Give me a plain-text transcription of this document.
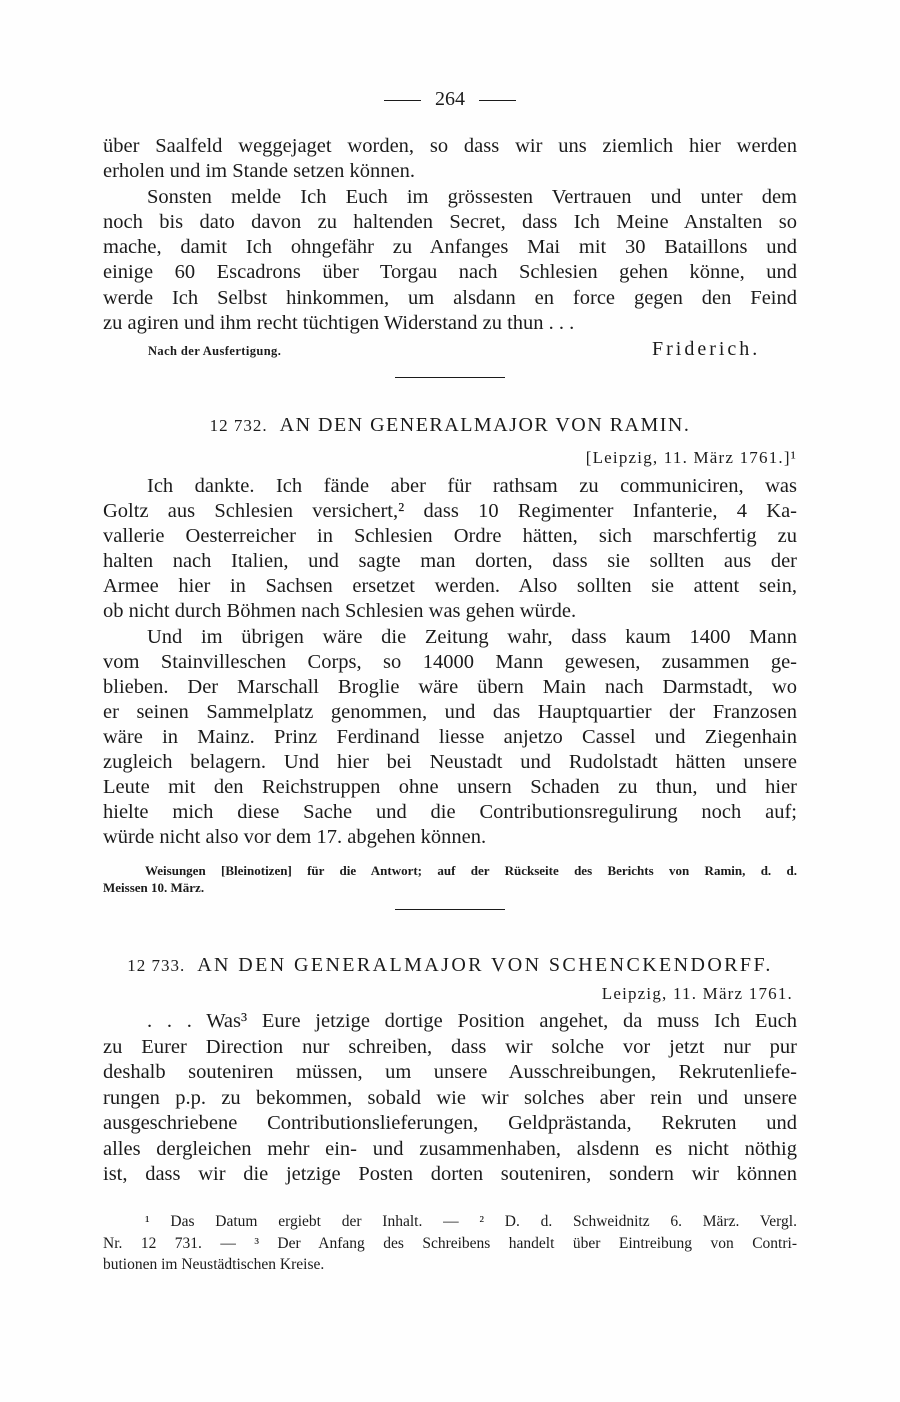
264
über Saalfeld weggejaget worden, so dass wir uns ziemlich hier werden
erholen und im Stande setzen können.
Sonsten melde Ich Euch im grössesten Vertrauen und unter dem
noch bis dato davon zu haltenden Secret, dass Ich Meine Anstalten so
mache, damit Ich ohngefähr zu Anfanges Mai mit 30 Bataillons und
einige 60 Escadrons über Torgau nach Schlesien gehen könne, und
werde Ich Selbst hinkommen, um alsdann en force gegen den Feind
zu agiren und ihm recht tüchtigen Widerstand zu thun . . .
Nach der Ausfertigung.	Friderich.
12 732. AN DEN GENERALMAJOR VON RAMIN.
[Leipzig, 11. März 1761.]¹
Ich dankte. Ich fände aber für rathsam zu communiciren, was
Goltz aus Schlesien versichert,² dass 10 Regimenter Infanterie, 4 Ka-
vallerie Oesterreicher in Schlesien Ordre hätten, sich marschfertig zu
halten nach Italien, und sagte man dorten, dass sie sollten aus der
Armee hier in Sachsen ersetzet werden. Also sollten sie attent sein,
ob nicht durch Böhmen nach Schlesien was gehen würde.
Und im übrigen wäre die Zeitung wahr, dass kaum 1400 Mann
vom Stainvilleschen Corps, so 14000 Mann gewesen, zusammen ge-
blieben. Der Marschall Broglie wäre übern Main nach Darmstadt, wo
er seinen Sammelplatz genommen, und das Hauptquartier der Franzosen
wäre in Mainz. Prinz Ferdinand liesse anjetzo Cassel und Ziegenhain
zugleich belagern. Und hier bei Neustadt und Rudolstadt hätten unsere
Leute mit den Reichstruppen ohne unsern Schaden zu thun, und hier
hielte mich diese Sache und die Contributionsregulirung noch auf;
würde nicht also vor dem 17. abgehen können.
Weisungen [Bleinotizen] für die Antwort; auf der Rückseite des Berichts von Ramin, d. d.
Meissen 10. März.
12 733. AN DEN GENERALMAJOR VON SCHENCKENDORFF.
Leipzig, 11. März 1761.
. . . Was³ Eure jetzige dortige Position angehet, da muss Ich Euch
zu Eurer Direction nur schreiben, dass wir solche vor jetzt nur pur
deshalb souteniren müssen, um unsere Ausschreibungen, Rekrutenliefe-
rungen p.p. zu bekommen, sobald wie wir solches aber rein und unsere
ausgeschriebene Contributionslieferungen, Geldprästanda, Rekruten und
alles dergleichen mehr ein- und zusammenhaben, alsdenn es nicht nöthig
ist, dass wir die jetzige Posten dorten souteniren, sondern wir können
¹ Das Datum ergiebt der Inhalt. — ² D. d. Schweidnitz 6. März. Vergl.
Nr. 12 731. — ³ Der Anfang des Schreibens handelt über Eintreibung von Contri-
butionen im Neustädtischen Kreise.
